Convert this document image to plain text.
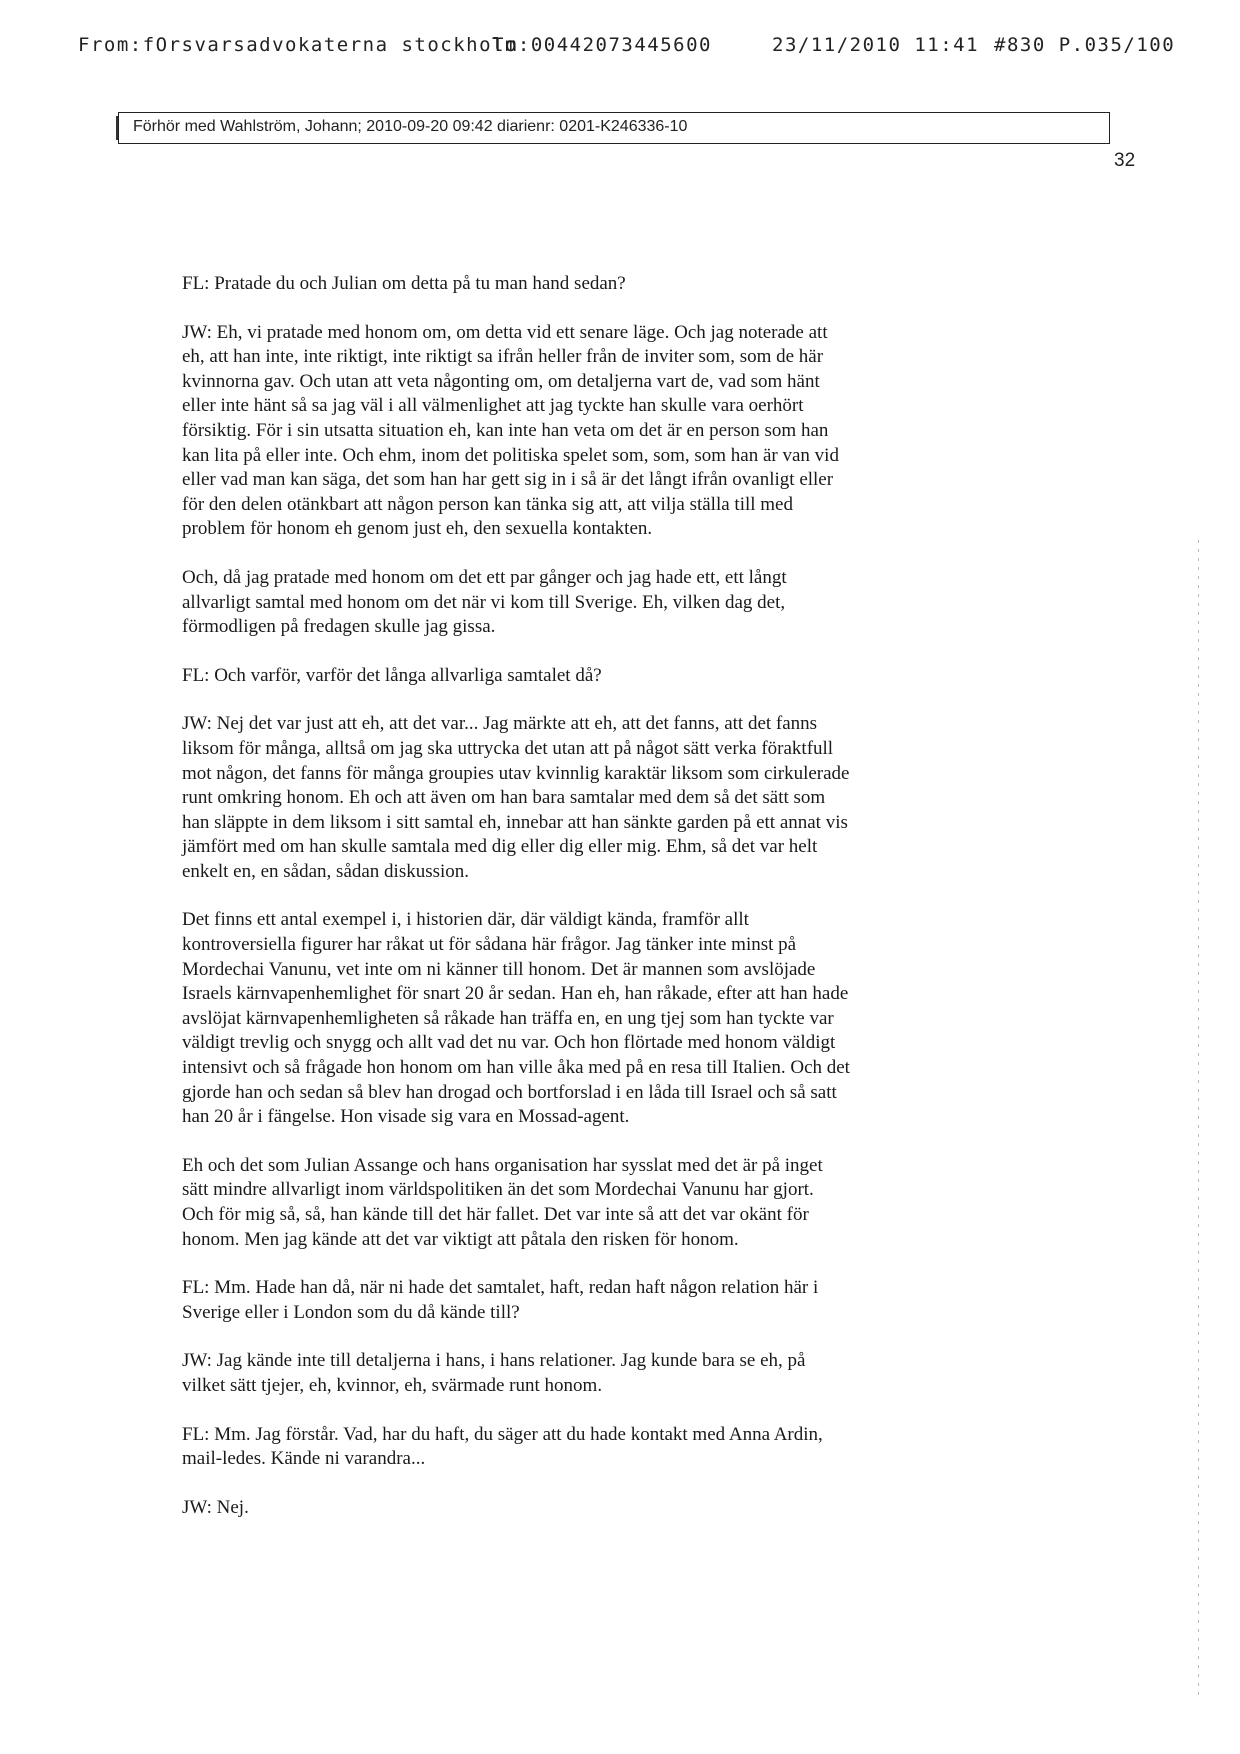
From:fOrsvarsadvokaterna stockholm
To:00442073445600	23/11/2010 11:41 #830 P.035/100
Förhör med Wahlström, Johann; 2010-09-20 09:42 diarienr: 0201-K246336-10
32

FL: Pratade du och Julian om detta på tu man hand sedan?

JW: Eh, vi pratade med honom om, om detta vid ett senare läge. Och jag noterade att
eh, att han inte, inte riktigt, inte riktigt sa ifrån heller från de inviter som, som de här
kvinnorna gav. Och utan att veta någonting om, om detaljerna vart de, vad som hänt
eller inte hänt så sa jag väl i all välmenlighet att jag tyckte han skulle vara oerhört
försiktig. För i sin utsatta situation eh, kan inte han veta om det är en person som han
kan lita på eller inte. Och ehm, inom det politiska spelet som, som, som han är van vid
eller vad man kan säga, det som han har gett sig in i så är det långt ifrån ovanligt eller
för den delen otänkbart att någon person kan tänka sig att, att vilja ställa till med
problem för honom eh genom just eh, den sexuella kontakten.

Och, då jag pratade med honom om det ett par gånger och jag hade ett, ett långt
allvarligt samtal med honom om det när vi kom till Sverige. Eh, vilken dag det,
förmodligen på fredagen skulle jag gissa.

FL: Och varför, varför det långa allvarliga samtalet då?

JW: Nej det var just att eh, att det var... Jag märkte att eh, att det fanns, att det fanns
liksom för många, alltså om jag ska uttrycka det utan att på något sätt verka föraktfull
mot någon, det fanns för många groupies utav kvinnlig karaktär liksom som cirkulerade
runt omkring honom. Eh och att även om han bara samtalar med dem så det sätt som
han släppte in dem liksom i sitt samtal eh, innebar att han sänkte garden på ett annat vis
jämfört med om han skulle samtala med dig eller dig eller mig. Ehm, så det var helt
enkelt en, en sådan, sådan diskussion.

Det finns ett antal exempel i, i historien där, där väldigt kända, framför allt
kontroversiella figurer har råkat ut för sådana här frågor. Jag tänker inte minst på
Mordechai Vanunu, vet inte om ni känner till honom. Det är mannen som avslöjade
Israels kärnvapenhemlighet för snart 20 år sedan. Han eh, han råkade, efter att han hade
avslöjat kärnvapenhemligheten så råkade han träffa en, en ung tjej som han tyckte var
väldigt trevlig och snygg och allt vad det nu var. Och hon flörtade med honom väldigt
intensivt och så frågade hon honom om han ville åka med på en resa till Italien. Och det
gjorde han och sedan så blev han drogad och bortforslad i en låda till Israel och så satt
han 20 år i fängelse. Hon visade sig vara en Mossad-agent.

Eh och det som Julian Assange och hans organisation har sysslat med det är på inget
sätt mindre allvarligt inom världspolitiken än det som Mordechai Vanunu har gjort.
Och för mig så, så, han kände till det här fallet. Det var inte så att det var okänt för
honom. Men jag kände att det var viktigt att påtala den risken för honom.

FL: Mm. Hade han då, när ni hade det samtalet, haft, redan haft någon relation här i
Sverige eller i London som du då kände till?

JW: Jag kände inte till detaljerna i hans, i hans relationer. Jag kunde bara se eh, på
vilket sätt tjejer, eh, kvinnor, eh, svärmade runt honom.

FL: Mm. Jag förstår. Vad, har du haft, du säger att du hade kontakt med Anna Ardin,
mail-ledes. Kände ni varandra...

JW: Nej.
